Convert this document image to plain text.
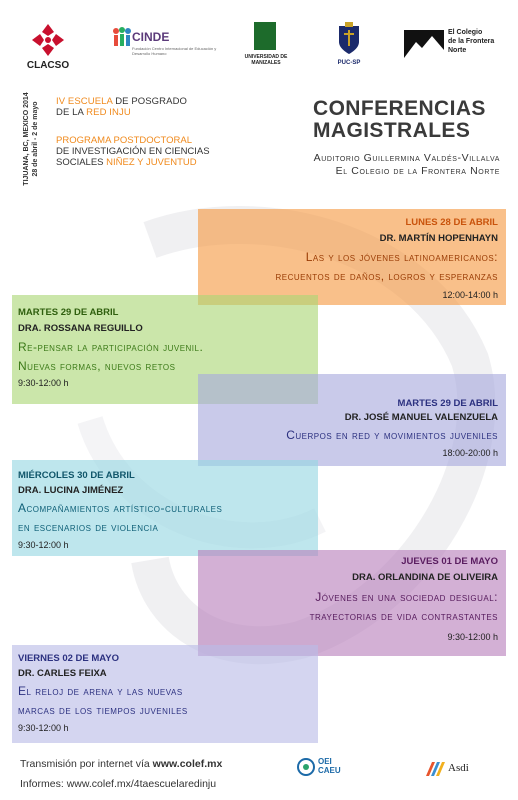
CLACSO
CINDE
Fundación Centro Internacional de Educación y Desarrollo Humano
UNIVERSIDAD DE MANIZALES	PUC-SP
El Colegio
de la Frontera
Norte
TIJUANA, BC, MEXICO 2014 28 de abril - 2 de mayo IV ESCUELA DE POSGRADO
DE LA RED INJU
PROGRAMA POSTDOCTORAL
DE INVESTIGACIÓN EN CIENCIAS
SOCIALES NIÑEZ Y JUVENTUD
CONFERENCIAS
MAGISTRALES
Auditorio Guillermina Valdés-Villalva
El Colegio de la Frontera Norte
LUNES 28 DE ABRIL
DR. MARTÍN HOPENHAYN
Las y los jóvenes latinoamericanos:
recuentos de daños, logros y esperanzas
12:00-14:00 h
MARTES 29 DE ABRIL
DRA. ROSSANA REGUILLO
Re-pensar la participación juvenil.
Nuevas formas, nuevos retos
9:30-12:00 h
MARTES 29 DE ABRIL
DR. JOSÉ MANUEL VALENZUELA
Cuerpos en red y movimientos juveniles
18:00-20:00 h
MIÉRCOLES 30 DE ABRIL
DRA. LUCINA JIMÉNEZ
Acompañamientos artístico-culturales
en escenarios de violencia
9:30-12:00 h
JUEVES 01 DE MAYO
DRA. ORLANDINA DE OLIVEIRA
Jóvenes en una sociedad desigual:
trayectorias de vida contrastantes
9:30-12:00 h
VIERNES 02 DE MAYO
DR. CARLES FEIXA
El reloj de arena y las nuevas
marcas de los tiempos juveniles
9:30-12:00 h
Transmisión por internet vía www.colef.mx
Informes: www.colef.mx/4taescuelaredinju
OEI
CAEU	Asdi
